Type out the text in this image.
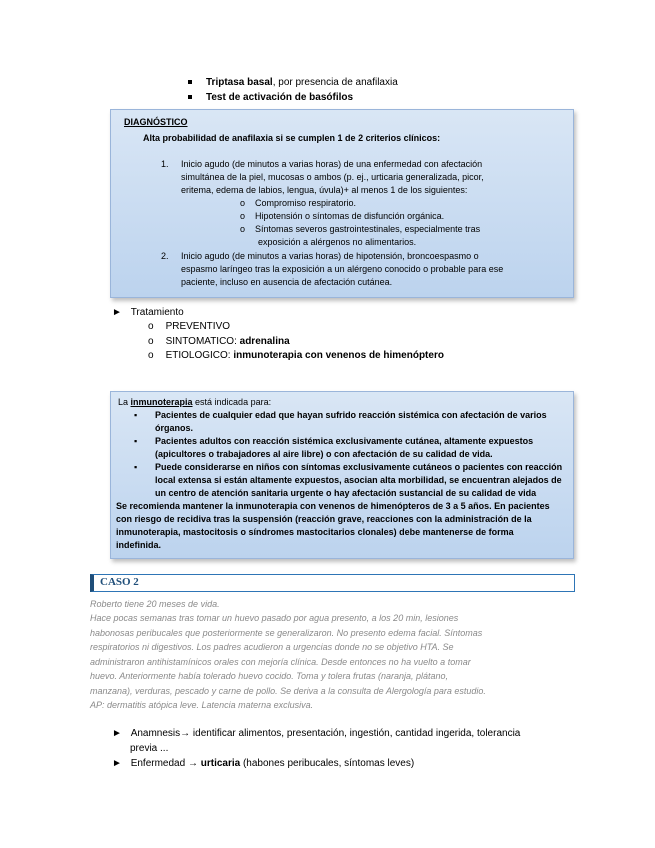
Triptasa basal, por presencia de anafilaxia
Test de activación de basófilos
DIAGNÓSTICO
Alta probabilidad de anafilaxia si se cumplen 1 de 2 criterios clínicos:
1. Inicio agudo (de minutos a varias horas) de una enfermedad con afectación
simultánea de la piel, mucosas o ambos (p. ej., urticaria generalizada, picor,
eritema, edema de labios, lengua, úvula)+ al menos 1 de los siguientes:
o Compromiso respiratorio.
o Hipotensión o síntomas de disfunción orgánica.
o Síntomas severos gastrointestinales, especialmente tras
exposición a alérgenos no alimentarios.
2. Inicio agudo (de minutos a varias horas) de hipotensión, broncoespasmo o
espasmo laríngeo tras la exposición a un alérgeno conocido o probable para ese
paciente, incluso en ausencia de afectación cutánea.
► Tratamiento
o PREVENTIVO
o SINTOMATICO: adrenalina
o ETIOLOGICO: inmunoterapia con venenos de himenóptero
La inmunoterapia está indicada para:
▪ Pacientes de cualquier edad que hayan sufrido reacción sistémica con afectación de varios
órganos.
▪ Pacientes adultos con reacción sistémica exclusivamente cutánea, altamente expuestos
(apicultores o trabajadores al aire libre) o con afectación de su calidad de vida.
▪ Puede considerarse en niños con síntomas exclusivamente cutáneos o pacientes con reacción
local extensa si están altamente expuestos, asocian alta morbilidad, se encuentran alejados de
un centro de atención sanitaria urgente o hay afectación sustancial de su calidad de vida
Se recomienda mantener la inmunoterapia con venenos de himenópteros de 3 a 5 años. En pacientes
con riesgo de recidiva tras la suspensión (reacción grave, reacciones con la administración de la
inmunoterapia, mastocitosis o síndromes mastocitarios clonales) debe mantenerse de forma
indefinida.
CASO 2
Roberto tiene 20 meses de vida.
Hace pocas semanas tras tomar un huevo pasado por agua presento, a los 20 min, lesiones
habonosas peribucales que posteriormente se generalizaron. No presento edema facial. Síntomas
respiratorios ni digestivos. Los padres acudieron a urgencias donde no se objetivo HTA. Se
administraron antihistamínicos orales con mejoría clínica. Desde entonces no ha vuelto a tomar
huevo. Anteriormente había tolerado huevo cocido. Toma y tolera frutas (naranja, plátano,
manzana), verduras, pescado y carne de pollo. Se deriva a la consulta de Alergología para estudio.
AP: dermatitis atópica leve. Latencia materna exclusiva.
► Anamnesis→ identificar alimentos, presentación, ingestión, cantidad ingerida, tolerancia
previa ...
► Enfermedad → urticaria (habones peribucales, síntomas leves)
